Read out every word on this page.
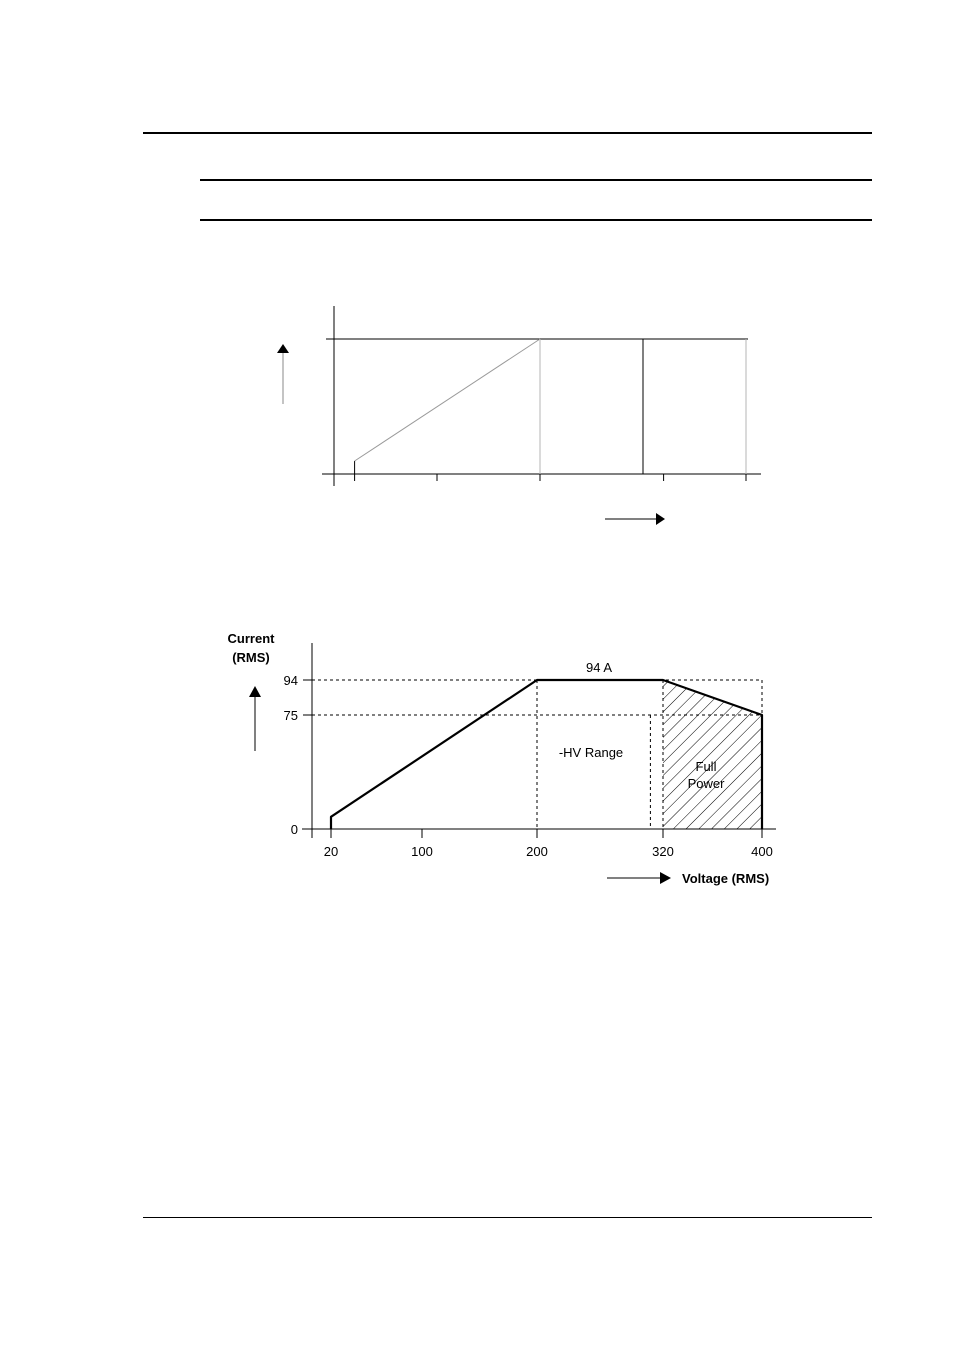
20	100	200	320	400
0
75
94
94 A
-HV Range
Full
Power
Current
(RMS)
Voltage (RMS)
